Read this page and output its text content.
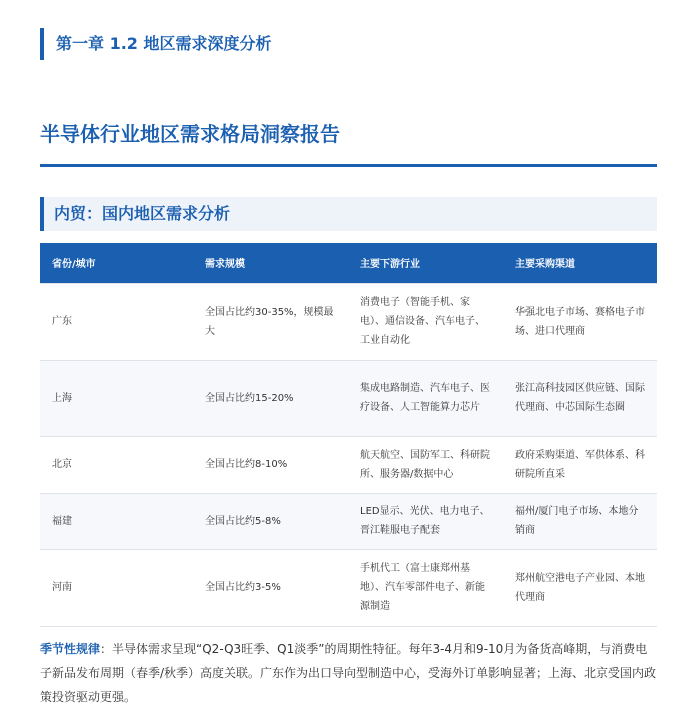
第一章 1.2 地区需求深度分析
半导体行业地区需求格局洞察报告
内贸：国内地区需求分析
省份/城市	需求规模	主要下游行业	主要采购渠道
广东	全国占比约30-35%，规模最大	消费电子（智能手机、家电）、通信设备、汽车电子、工业自动化	华强北电子市场、赛格电子市场、进口代理商
上海	全国占比约15-20%	集成电路制造、汽车电子、医疗设备、人工智能算力芯片	张江高科技园区供应链、国际代理商、中芯国际生态圈
北京	全国占比约8-10%	航天航空、国防军工、科研院所、服务器/数据中心	政府采购渠道、军供体系、科研院所直采
福建	全国占比约5-8%	LED显示、光伏、电力电子、晋江鞋服电子配套	福州/厦门电子市场、本地分销商
河南	全国占比约3-5%	手机代工（富士康郑州基地）、汽车零部件电子、新能源制造	郑州航空港电子产业园、本地代理商
季节性规律：半导体需求呈现“Q2-Q3旺季、Q1淡季”的周期性特征。每年3-4月和9-10月为备货高峰期，与消费电子新品发布周期（春季/秋季）高度关联。广东作为出口导向型制造中心，受海外订单影响显著；上海、北京受国内政策投资驱动更强。
